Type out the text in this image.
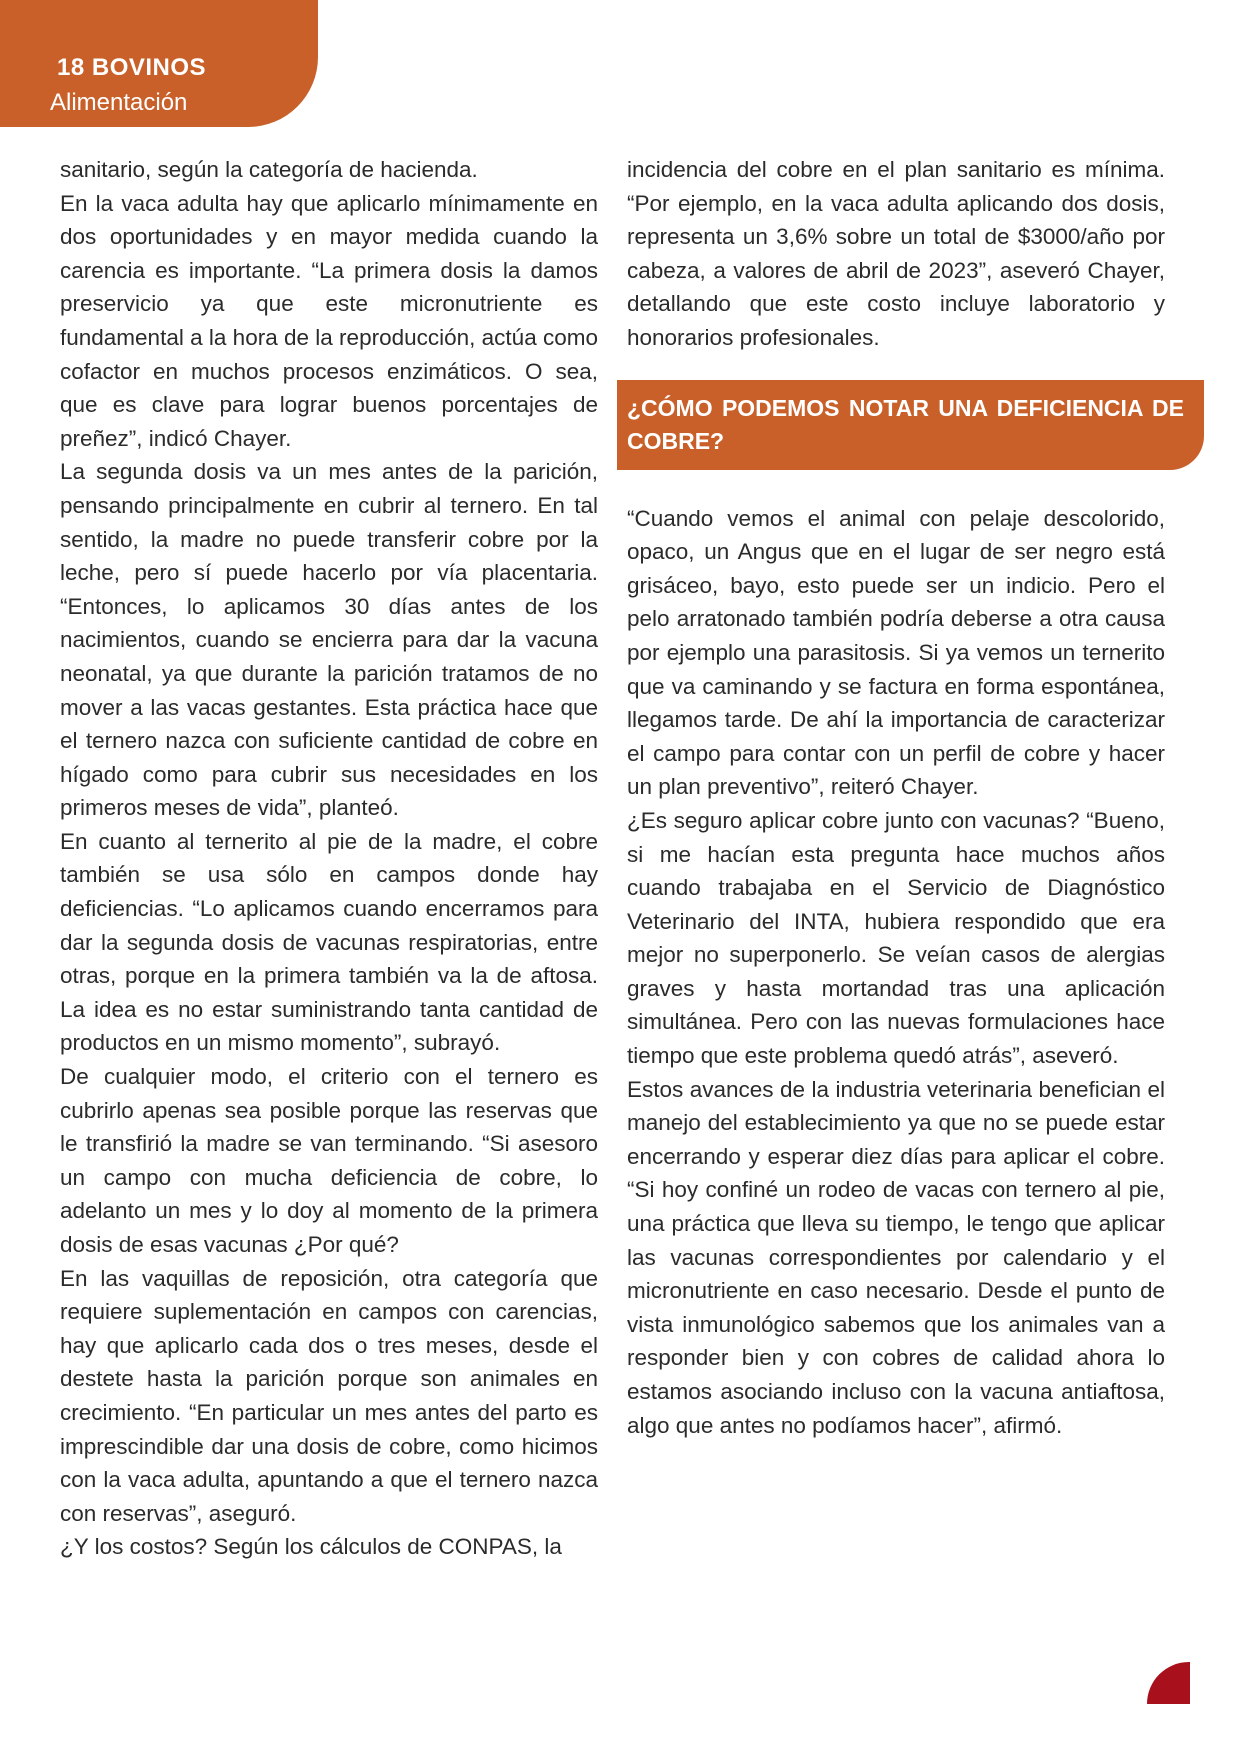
18 BOVINOS
Alimentación

sanitario, según la categoría de hacienda.

En la vaca adulta hay que aplicarlo mínimamente en dos oportunidades y en mayor medida cuando la carencia es importante. “La primera dosis la damos preservicio ya que este micronutriente es fundamental a la hora de la reproducción, actúa como cofactor en muchos procesos enzimáticos. O sea, que es clave para lograr buenos porcentajes de preñez”, indicó Chayer.

La segunda dosis va un mes antes de la parición, pensando principalmente en cubrir al ternero. En tal sentido, la madre no puede transferir cobre por la leche, pero sí puede hacerlo por vía placentaria. “Entonces, lo aplicamos 30 días antes de los nacimientos, cuando se encierra para dar la vacuna neonatal, ya que durante la parición tratamos de no mover a las vacas gestantes. Esta práctica hace que el ternero nazca con suficiente cantidad de cobre en hígado como para cubrir sus necesidades en los primeros meses de vida”, planteó.

En cuanto al ternerito al pie de la madre, el cobre también se usa sólo en campos donde hay deficiencias. “Lo aplicamos cuando encerramos para dar la segunda dosis de vacunas respiratorias, entre otras, porque en la primera también va la de aftosa. La idea es no estar suministrando tanta cantidad de productos en un mismo momento”, subrayó.

De cualquier modo, el criterio con el ternero es cubrirlo apenas sea posible porque las reservas que le transfirió la madre se van terminando. “Si asesoro un campo con mucha deficiencia de cobre, lo adelanto un mes y lo doy al momento de la primera dosis de esas vacunas ¿Por qué?

En las vaquillas de reposición, otra categoría que requiere suplementación en campos con carencias, hay que aplicarlo cada dos o tres meses, desde el destete hasta la parición porque son animales en crecimiento. “En particular un mes antes del parto es imprescindible dar una dosis de cobre, como hicimos con la vaca adulta, apuntando a que el ternero nazca con reservas”, aseguró.

¿Y los costos? Según los cálculos de CONPAS, la

incidencia del cobre en el plan sanitario es mínima. “Por ejemplo, en la vaca adulta aplicando dos dosis, representa un 3,6% sobre un total de $3000/año por cabeza, a valores de abril de 2023”, aseveró Chayer, detallando que este costo incluye laboratorio y honorarios profesionales.

¿CÓMO PODEMOS NOTAR UNA DEFICIENCIA DE COBRE?

“Cuando vemos el animal con pelaje descolorido, opaco, un Angus que en el lugar de ser negro está grisáceo, bayo, esto puede ser un indicio. Pero el pelo arratonado también podría deberse a otra causa por ejemplo una parasitosis. Si ya vemos un ternerito que va caminando y se factura en forma espontánea, llegamos tarde. De ahí la importancia de caracterizar el campo para contar con un perfil de cobre y hacer un plan preventivo”, reiteró Chayer.

¿Es seguro aplicar cobre junto con vacunas? “Bueno, si me hacían esta pregunta hace muchos años cuando trabajaba en el Servicio de Diagnóstico Veterinario del INTA, hubiera respondido que era mejor no superponerlo. Se veían casos de alergias graves y hasta mortandad tras una aplicación simultánea. Pero con las nuevas formulaciones hace tiempo que este problema quedó atrás”, aseveró.

Estos avances de la industria veterinaria benefician el manejo del establecimiento ya que no se puede estar encerrando y esperar diez días para aplicar el cobre. “Si hoy confiné un rodeo de vacas con ternero al pie, una práctica que lleva su tiempo, le tengo que aplicar las vacunas correspondientes por calendario y el micronutriente en caso necesario. Desde el punto de vista inmunológico sabemos que los animales van a responder bien y con cobres de calidad ahora lo estamos asociando incluso con la vacuna antiaftosa, algo que antes no podíamos hacer”, afirmó.
